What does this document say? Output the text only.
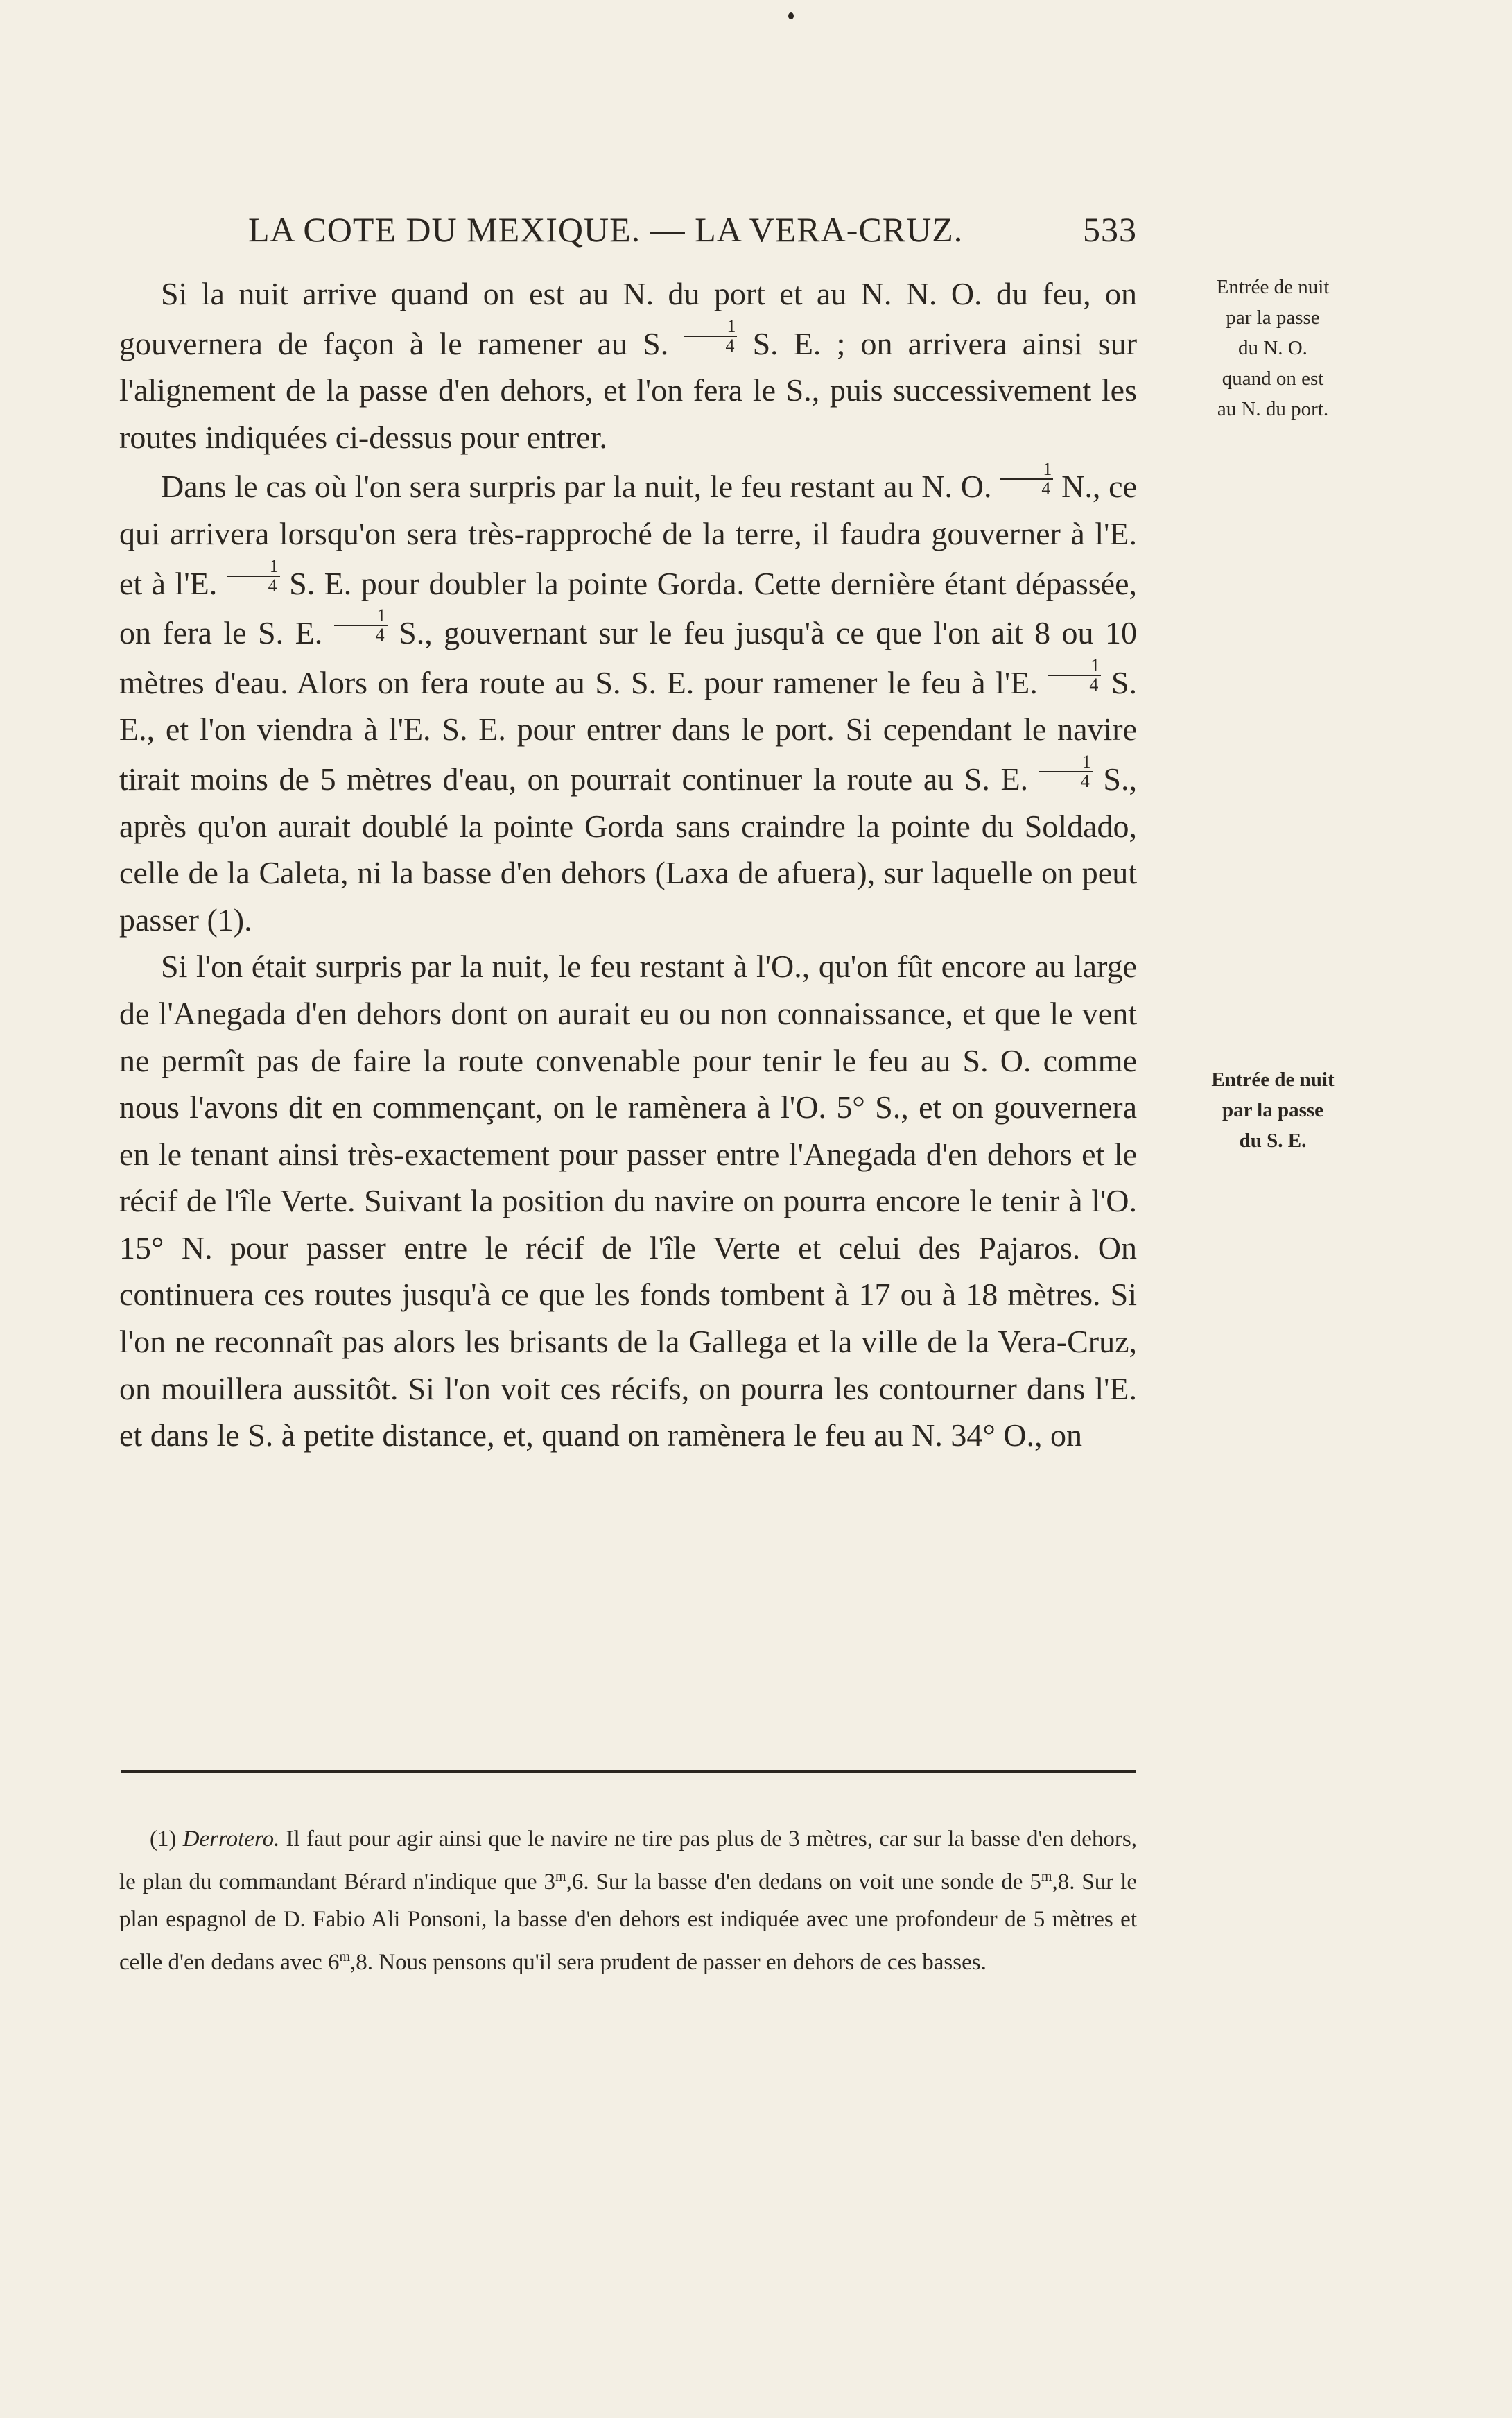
LA COTE DU MEXIQUE. — LA VERA-CRUZ.	533

Si la nuit arrive quand on est au N. du port et au N. N. O. du feu, on gouvernera de façon à le ramener au S. $\frac{1}{4} S$. E. ; on arrivera ainsi sur l'alignement de la passe d'en dehors, et l'on fera le S., puis successivement les routes indiquées ci-dessus pour entrer.

Dans le cas où l'on sera surpris par la nuit, le feu restant au N. O. $\frac{1}{4} N$., ce qui arrivera lorsqu'on sera très-rapproché de la terre, il faudra gouverner à l'E. et à l'E. $\frac{1}{4} S$. E. pour doubler la pointe Gorda. Cette dernière étant dépassée, on fera le S. E. $\frac{1}{4} S$., gouvernant sur le feu jusqu'à ce que l'on ait 8 ou 10 mètres d'eau. Alors on fera route au S. S. E. pour ramener le feu à l'E. $\frac{1}{4} S$. E., et l'on viendra à l'E. S. E. pour entrer dans le port. Si cependant le navire tirait moins de 5 mètres d'eau, on pourrait continuer la route au S. E. $\frac{1}{4} S$., après qu'on aurait doublé la pointe Gorda sans craindre la pointe du Soldado, celle de la Caleta, ni la basse d'en dehors (Laxa de afuera), sur laquelle on peut passer (1).

Si l'on était surpris par la nuit, le feu restant à l'O., qu'on fût encore au large de l'Anegada d'en dehors dont on aurait eu ou non connaissance, et que le vent ne permît pas de faire la route convenable pour tenir le feu au S. O. comme nous l'avons dit en commençant, on le ramènera à l'O. 5° S., et on gouvernera en le tenant ainsi très-exactement pour passer entre l'Anegada d'en dehors et le récif de l'île Verte. Suivant la position du navire on pourra encore le tenir à l'O. 15° N. pour passer entre le récif de l'île Verte et celui des Pajaros. On continuera ces routes jusqu'à ce que les fonds tombent à 17 ou à 18 mètres. Si l'on ne reconnaît pas alors les brisants de la Gallega et la ville de la Vera-Cruz, on mouillera aussitôt. Si l'on voit ces récifs, on pourra les contourner dans l'E. et dans le S. à petite distance, et, quand on ramènera le feu au N. 34° O., on

Entrée de nuit
par la passe
du N. O.
quand on est
au N. du port.
Entrée de nuit
par la passe
du S. E.

(1) Derrotero. Il faut pour agir ainsi que le navire ne tire pas plus de 3 mètres, car sur la basse d'en dehors, le plan du commandant Bérard n'indique que 3$^m$,6. Sur la basse d'en dedans on voit une sonde de 5$^m$,8. Sur le plan espagnol de D. Fabio Ali Ponsoni, la basse d'en dehors est indiquée avec une profondeur de 5 mètres et celle d'en dedans avec 6$^m$,8. Nous pensons qu'il sera prudent de passer en dehors de ces basses.
